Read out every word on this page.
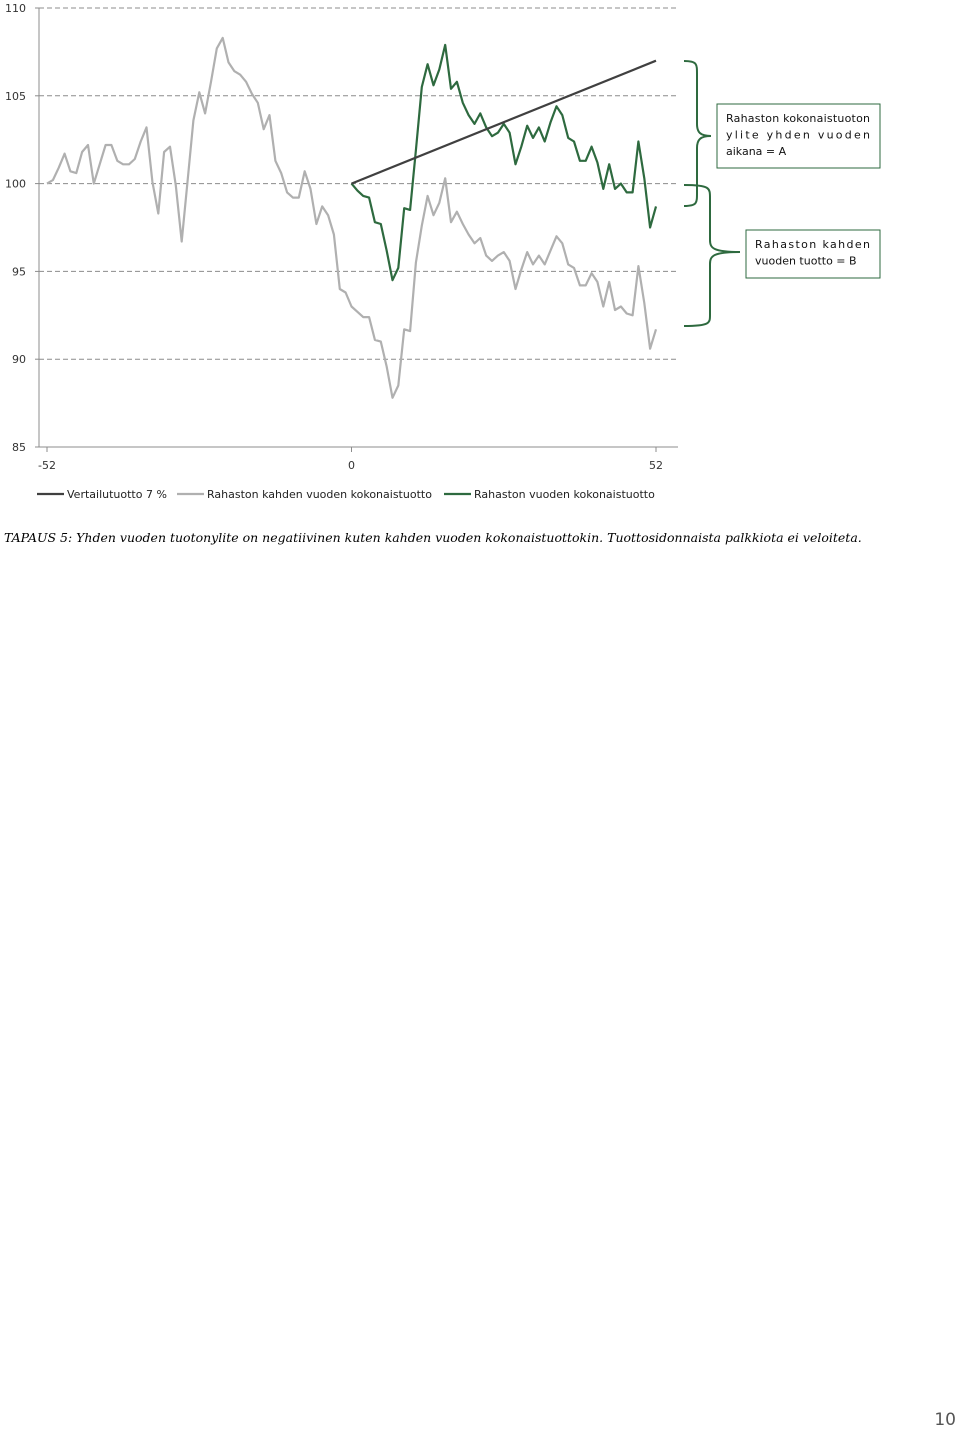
85
90
95
100
105
110
-52	0	52
Vertailutuotto 7 %	Rahaston kahden vuoden kokonaistuotto	Rahaston vuoden kokonaistuotto
Rahaston kokonaistuoton
ylite yhden vuoden
aikana = A
Rahaston kahden
vuoden tuotto = B
TAPAUS 5: Yhden vuoden tuotonylite on negatiivinen kuten kahden vuoden kokonaistuottokin. Tuottosidonnaista palkkiota ei veloiteta.
10
